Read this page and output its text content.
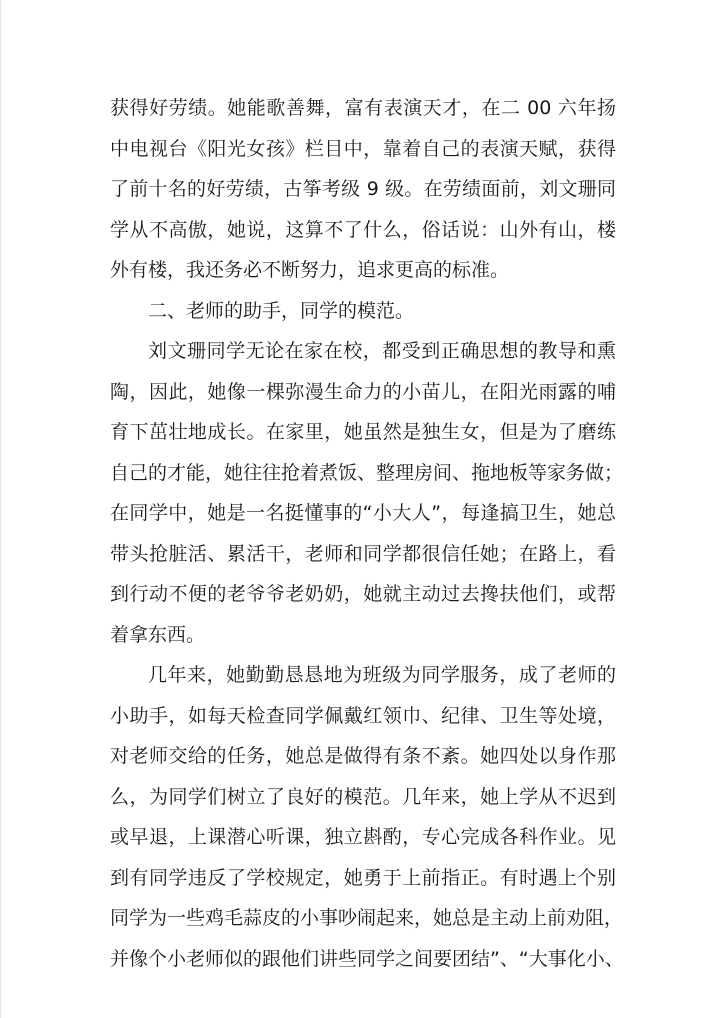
获得好劳绩。她能歌善舞，富有表演天才，在二 00 六年扬
中电视台《阳光女孩》栏目中，靠着自己的表演天赋，获得
了前十名的好劳绩，古筝考级 9 级。在劳绩面前，刘文珊同
学从不高傲，她说，这算不了什么，俗话说：山外有山，楼
外有楼，我还务必不断努力，追求更高的标准。
二、老师的助手，同学的模范。
刘文珊同学无论在家在校，都受到正确思想的教导和熏
陶，因此，她像一棵弥漫生命力的小苗儿，在阳光雨露的哺
育下茁壮地成长。在家里，她虽然是独生女，但是为了磨练
自己的才能，她往往抢着煮饭、整理房间、拖地板等家务做；
在同学中，她是一名挺懂事的“小大人”，每逢搞卫生，她总
带头抢脏活、累活干，老师和同学都很信任她；在路上，看
到行动不便的老爷爷老奶奶，她就主动过去搀扶他们，或帮
着拿东西。
几年来，她勤勤恳恳地为班级为同学服务，成了老师的
小助手，如每天检查同学佩戴红领巾、纪律、卫生等处境，
对老师交给的任务，她总是做得有条不紊。她四处以身作那
么，为同学们树立了良好的模范。几年来，她上学从不迟到
或早退，上课潜心听课，独立斟酌，专心完成各科作业。见
到有同学违反了学校规定，她勇于上前指正。有时遇上个别
同学为一些鸡毛蒜皮的小事吵闹起来，她总是主动上前劝阻，
并像个小老师似的跟他们讲些同学之间要团结”、“大事化小、
